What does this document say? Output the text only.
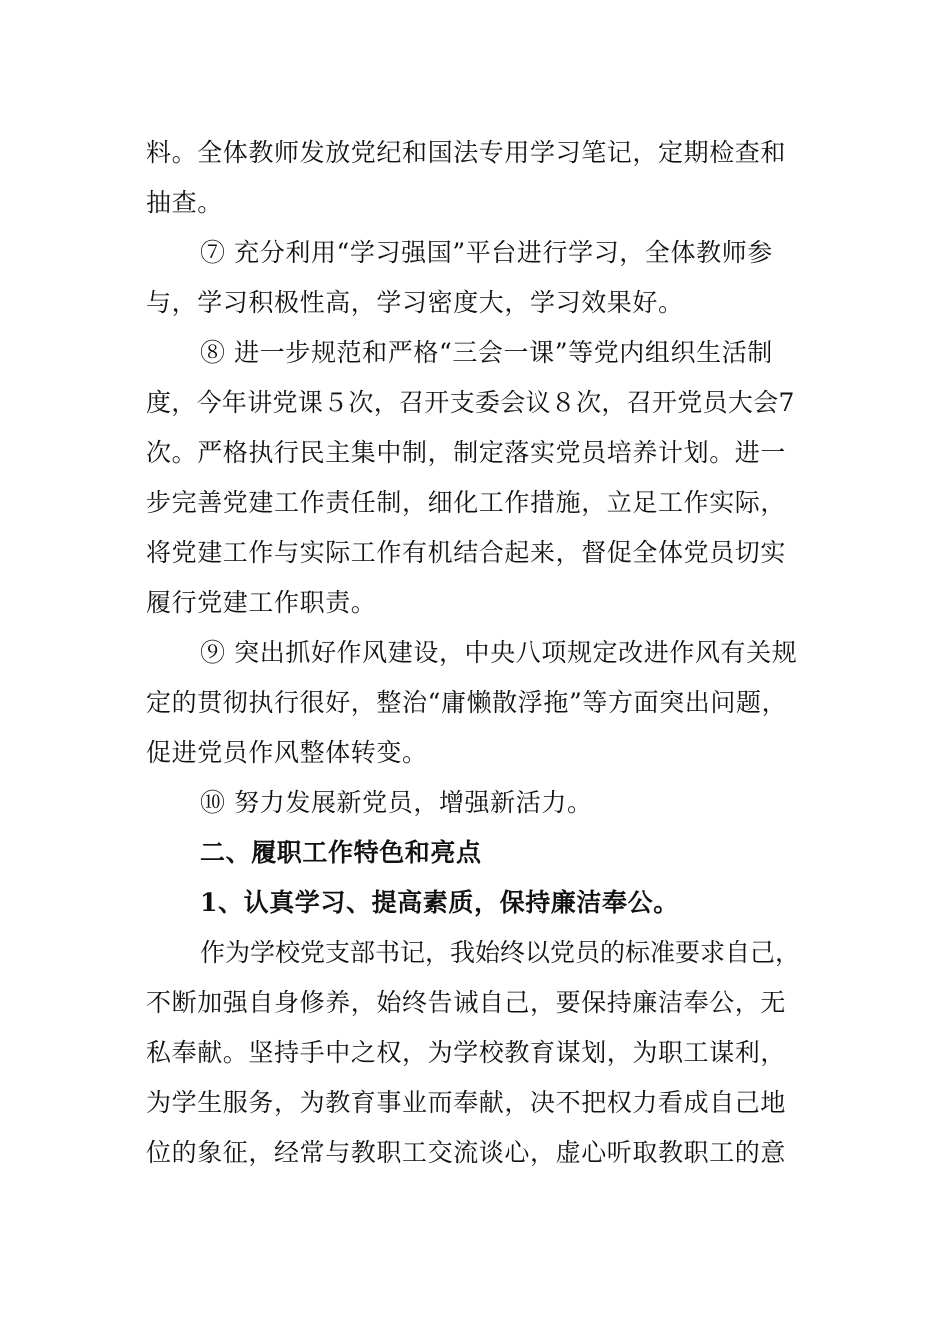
料。全体教师发放党纪和国法专用学习笔记，定期检查和
抽查。
⑦ 充分利用“学习强国”平台进行学习，全体教师参
与，学习积极性高，学习密度大，学习效果好。
⑧ 进一步规范和严格“三会一课”等党内组织生活制
度，今年讲党课５次，召开支委会议８次，召开党员大会7
次。严格执行民主集中制，制定落实党员培养计划。进一
步完善党建工作责任制，细化工作措施，立足工作实际，
将党建工作与实际工作有机结合起来，督促全体党员切实
履行党建工作职责。
⑨ 突出抓好作风建设，中央八项规定改进作风有关规
定的贯彻执行很好，整治“庸懒散浮拖”等方面突出问题，
促进党员作风整体转变。
⑩ 努力发展新党员，增强新活力。
二、履职工作特色和亮点
1、认真学习、提高素质，保持廉洁奉公。
作为学校党支部书记，我始终以党员的标准要求自己，
不断加强自身修养，始终告诫自己，要保持廉洁奉公，无
私奉献。坚持手中之权，为学校教育谋划，为职工谋利，
为学生服务，为教育事业而奉献，决不把权力看成自己地
位的象征，经常与教职工交流谈心，虚心听取教职工的意
